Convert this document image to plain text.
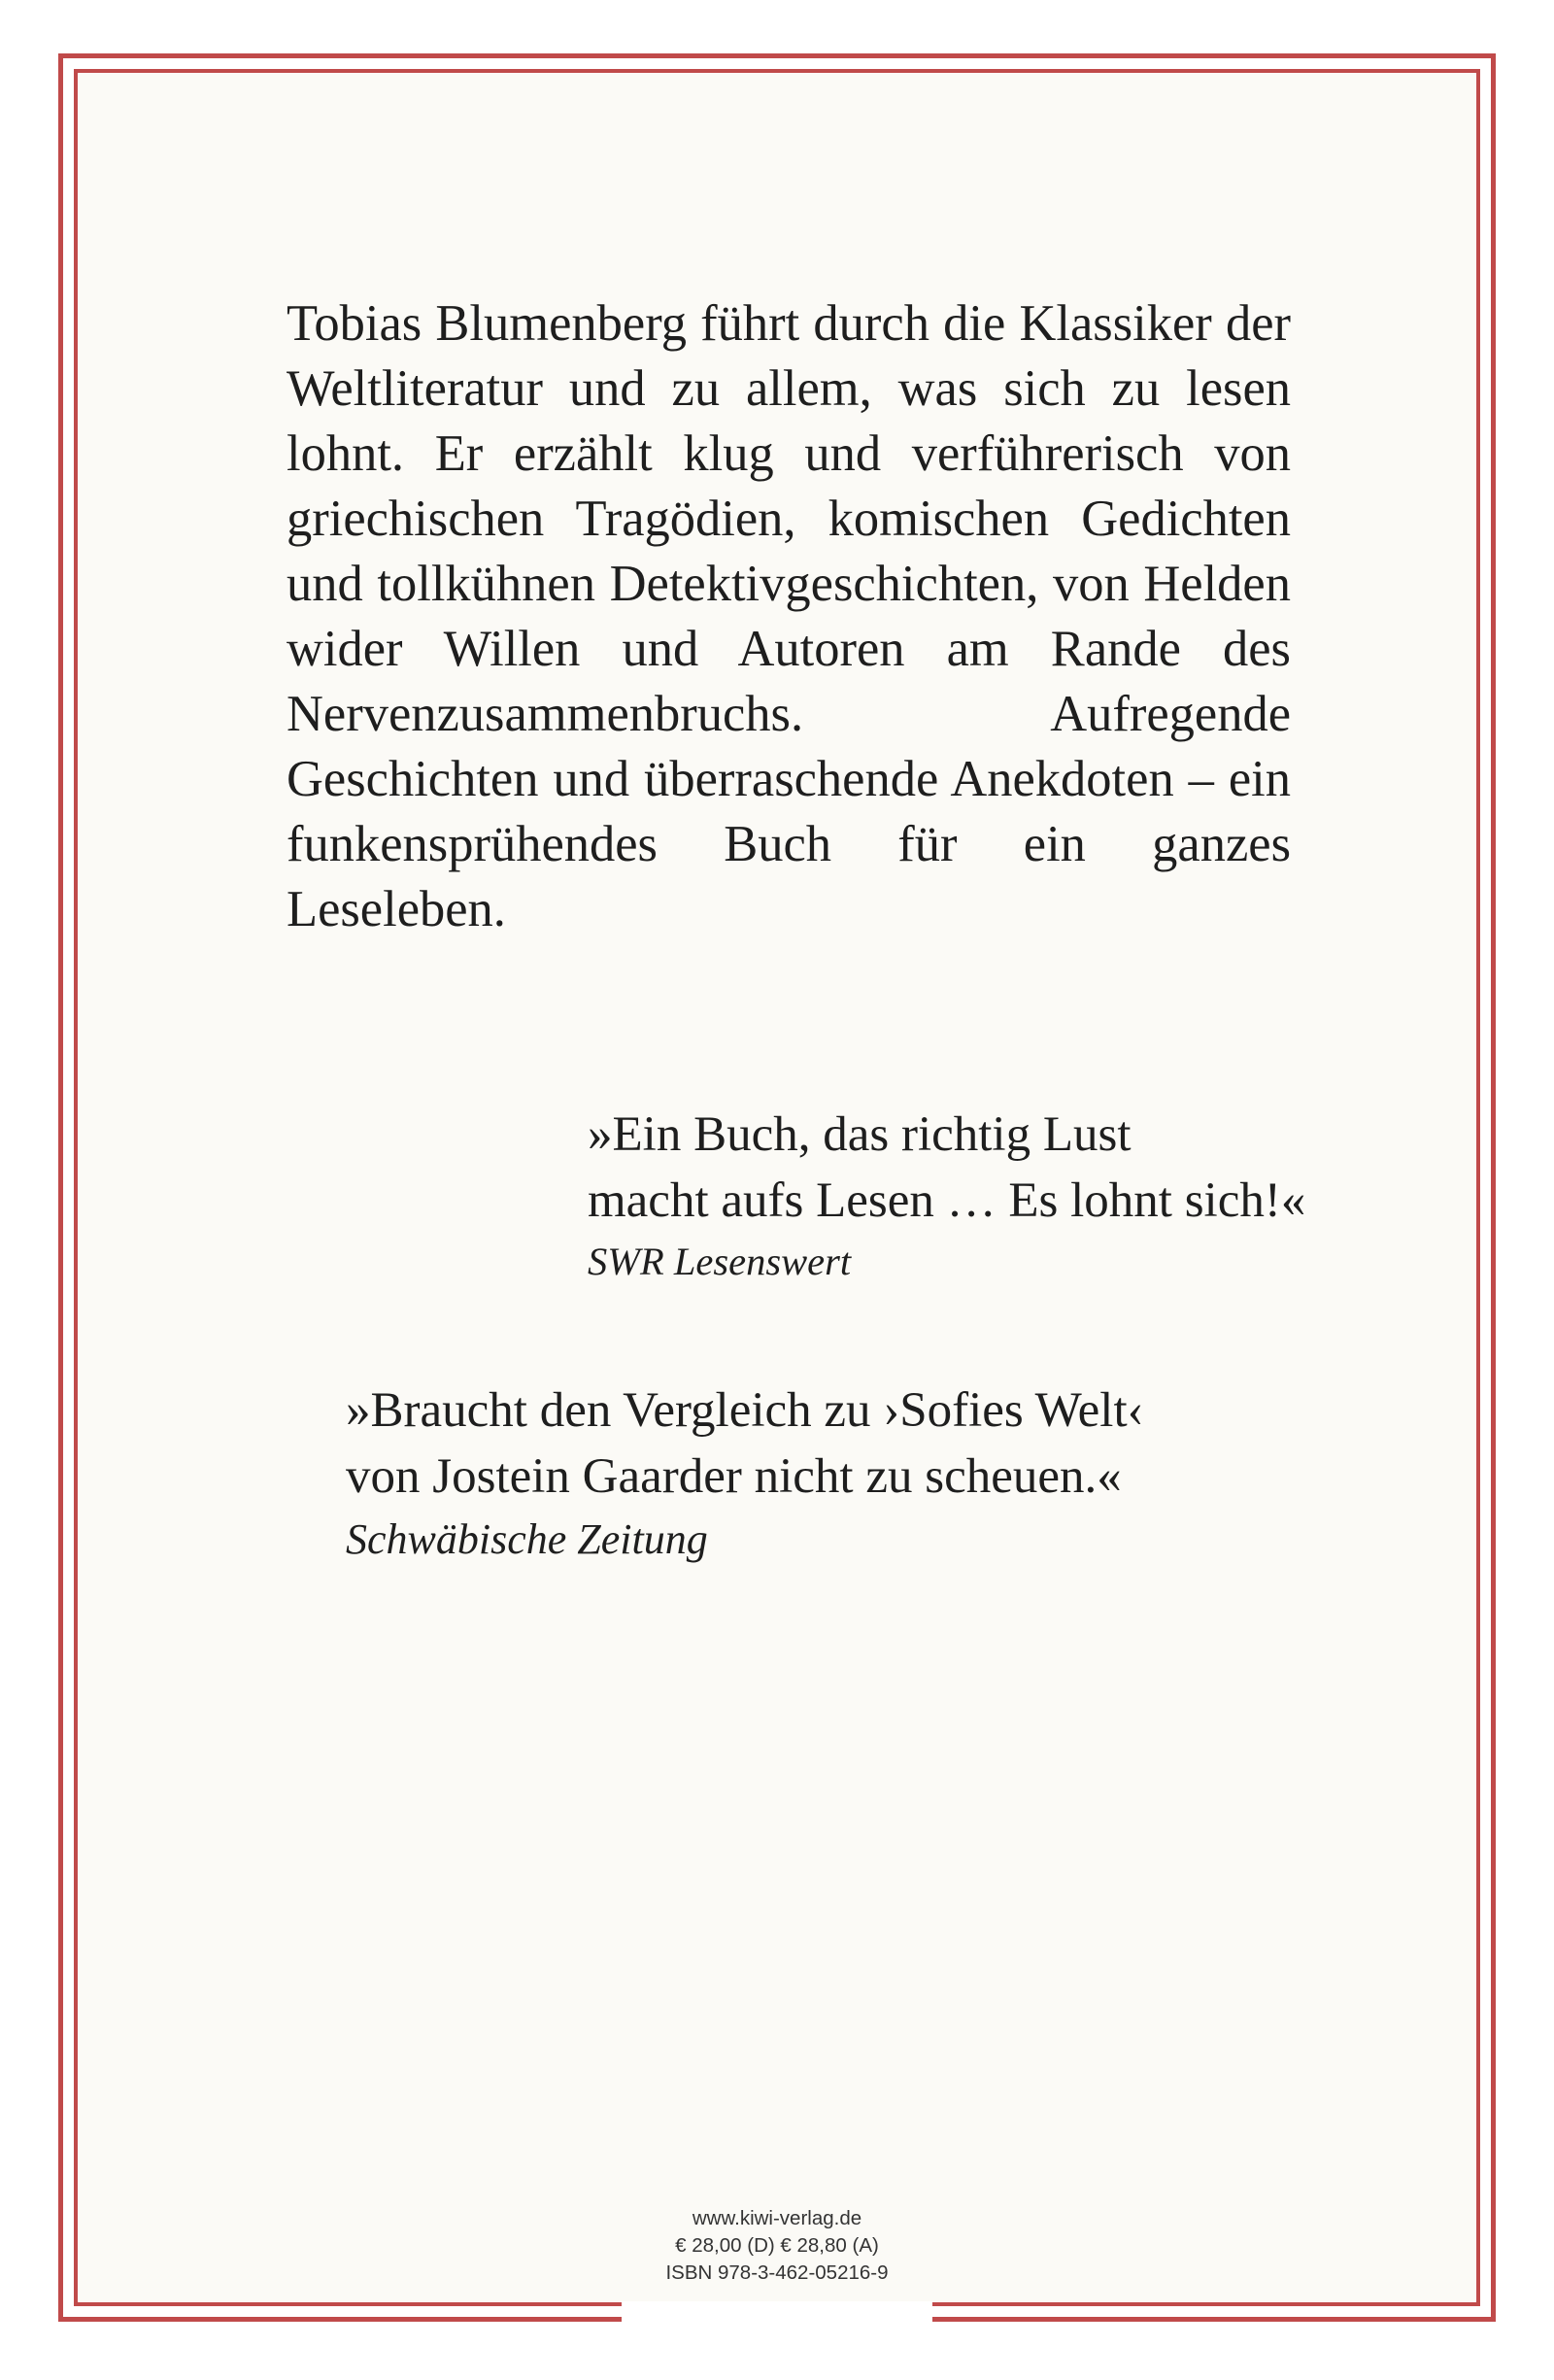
Tobias Blumenberg führt durch die Klassiker der Weltliteratur und zu allem, was sich zu lesen lohnt. Er erzählt klug und verführerisch von griechischen Tragödien, komischen Gedichten und tollkühnen Detektivgeschichten, von Helden wider Willen und Autoren am Rande des Nervenzusammenbruchs. Aufregende Geschichten und überraschende Anekdoten – ein funkensprühendes Buch für ein ganzes Leseleben.

»Ein Buch, das richtig Lust
macht aufs Lesen … Es lohnt sich!«
SWR Lesenswert
»Braucht den Vergleich zu ›Sofies Welt‹
von Jostein Gaarder nicht zu scheuen.«
Schwäbische Zeitung
www.kiwi-verlag.de
€ 28,00 (D) € 28,80 (A)
ISBN 978-3-462-05216-9
